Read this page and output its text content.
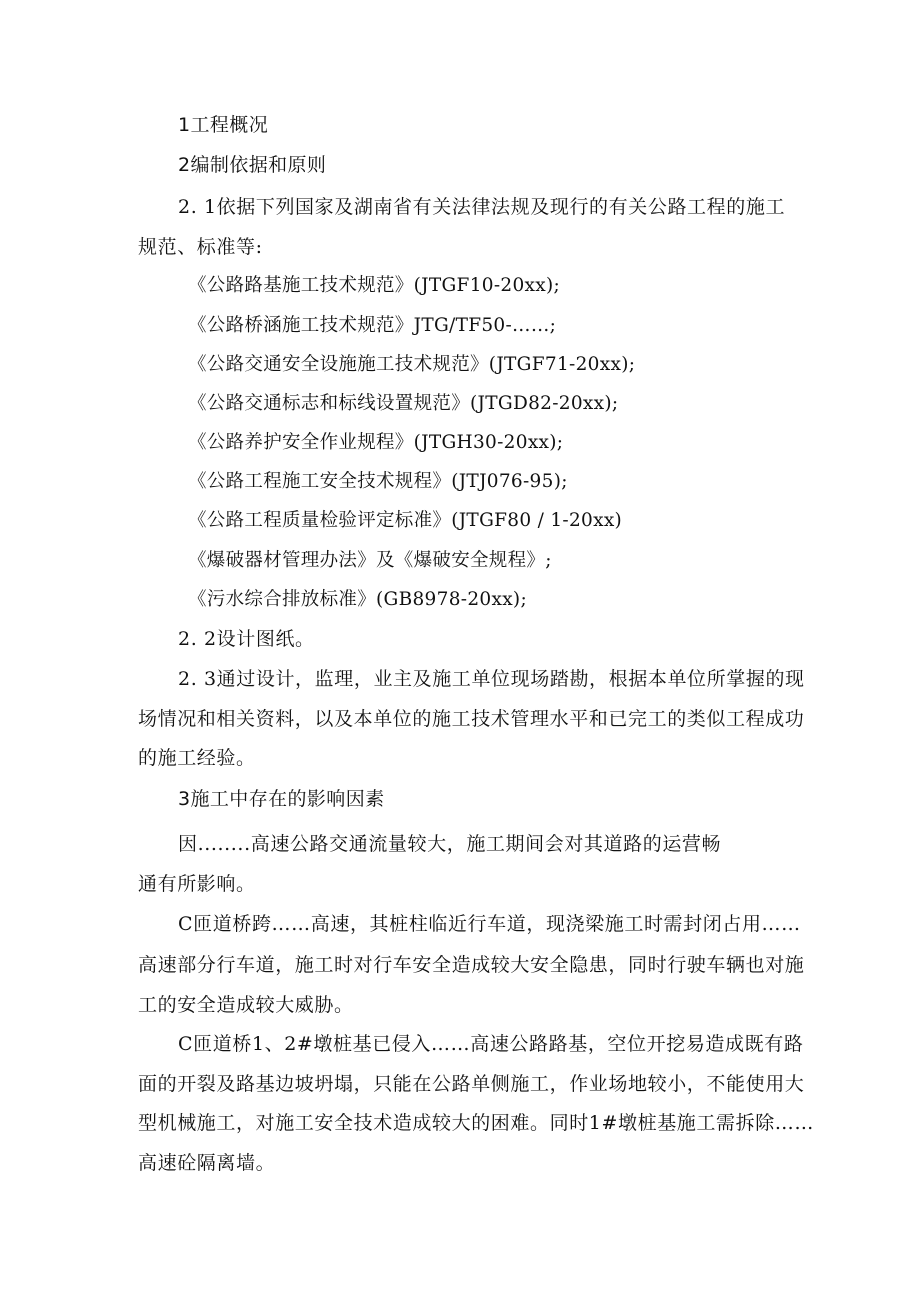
1工程概况
2编制依据和原则
2. 1依据下列国家及湖南省有关法律法规及现行的有关公路工程的施工
规范、标准等:
《公路路基施工技术规范》(JTGF10-20xx);
《公路桥涵施工技术规范》JTG/TF50-……;
《公路交通安全设施施工技术规范》(JTGF71-20xx);
《公路交通标志和标线设置规范》(JTGD82-20xx);
《公路养护安全作业规程》(JTGH30-20xx);
《公路工程施工安全技术规程》(JTJ076-95);
《公路工程质量检验评定标准》(JTGF80 / 1-20xx)
《爆破器材管理办法》及《爆破安全规程》;
《污水综合排放标准》(GB8978-20xx);
2. 2设计图纸。
2. 3通过设计，监理，业主及施工单位现场踏勘，根据本单位所掌握的现
场情况和相关资料，以及本单位的施工技术管理水平和已完工的类似工程成功
的施工经验。
3施工中存在的影响因素
因........高速公路交通流量较大，施工期间会对其道路的运营畅
通有所影响。
C匝道桥跨……高速，其桩柱临近行车道，现浇梁施工时需封闭占用……
高速部分行车道，施工时对行车安全造成较大安全隐患，同时行驶车辆也对施
工的安全造成较大威胁。
C匝道桥1、2#墩桩基已侵入……高速公路路基，空位开挖易造成既有路
面的开裂及路基边坡坍塌，只能在公路单侧施工，作业场地较小，不能使用大
型机械施工，对施工安全技术造成较大的困难。同时1#墩桩基施工需拆除……
高速砼隔离墙。
